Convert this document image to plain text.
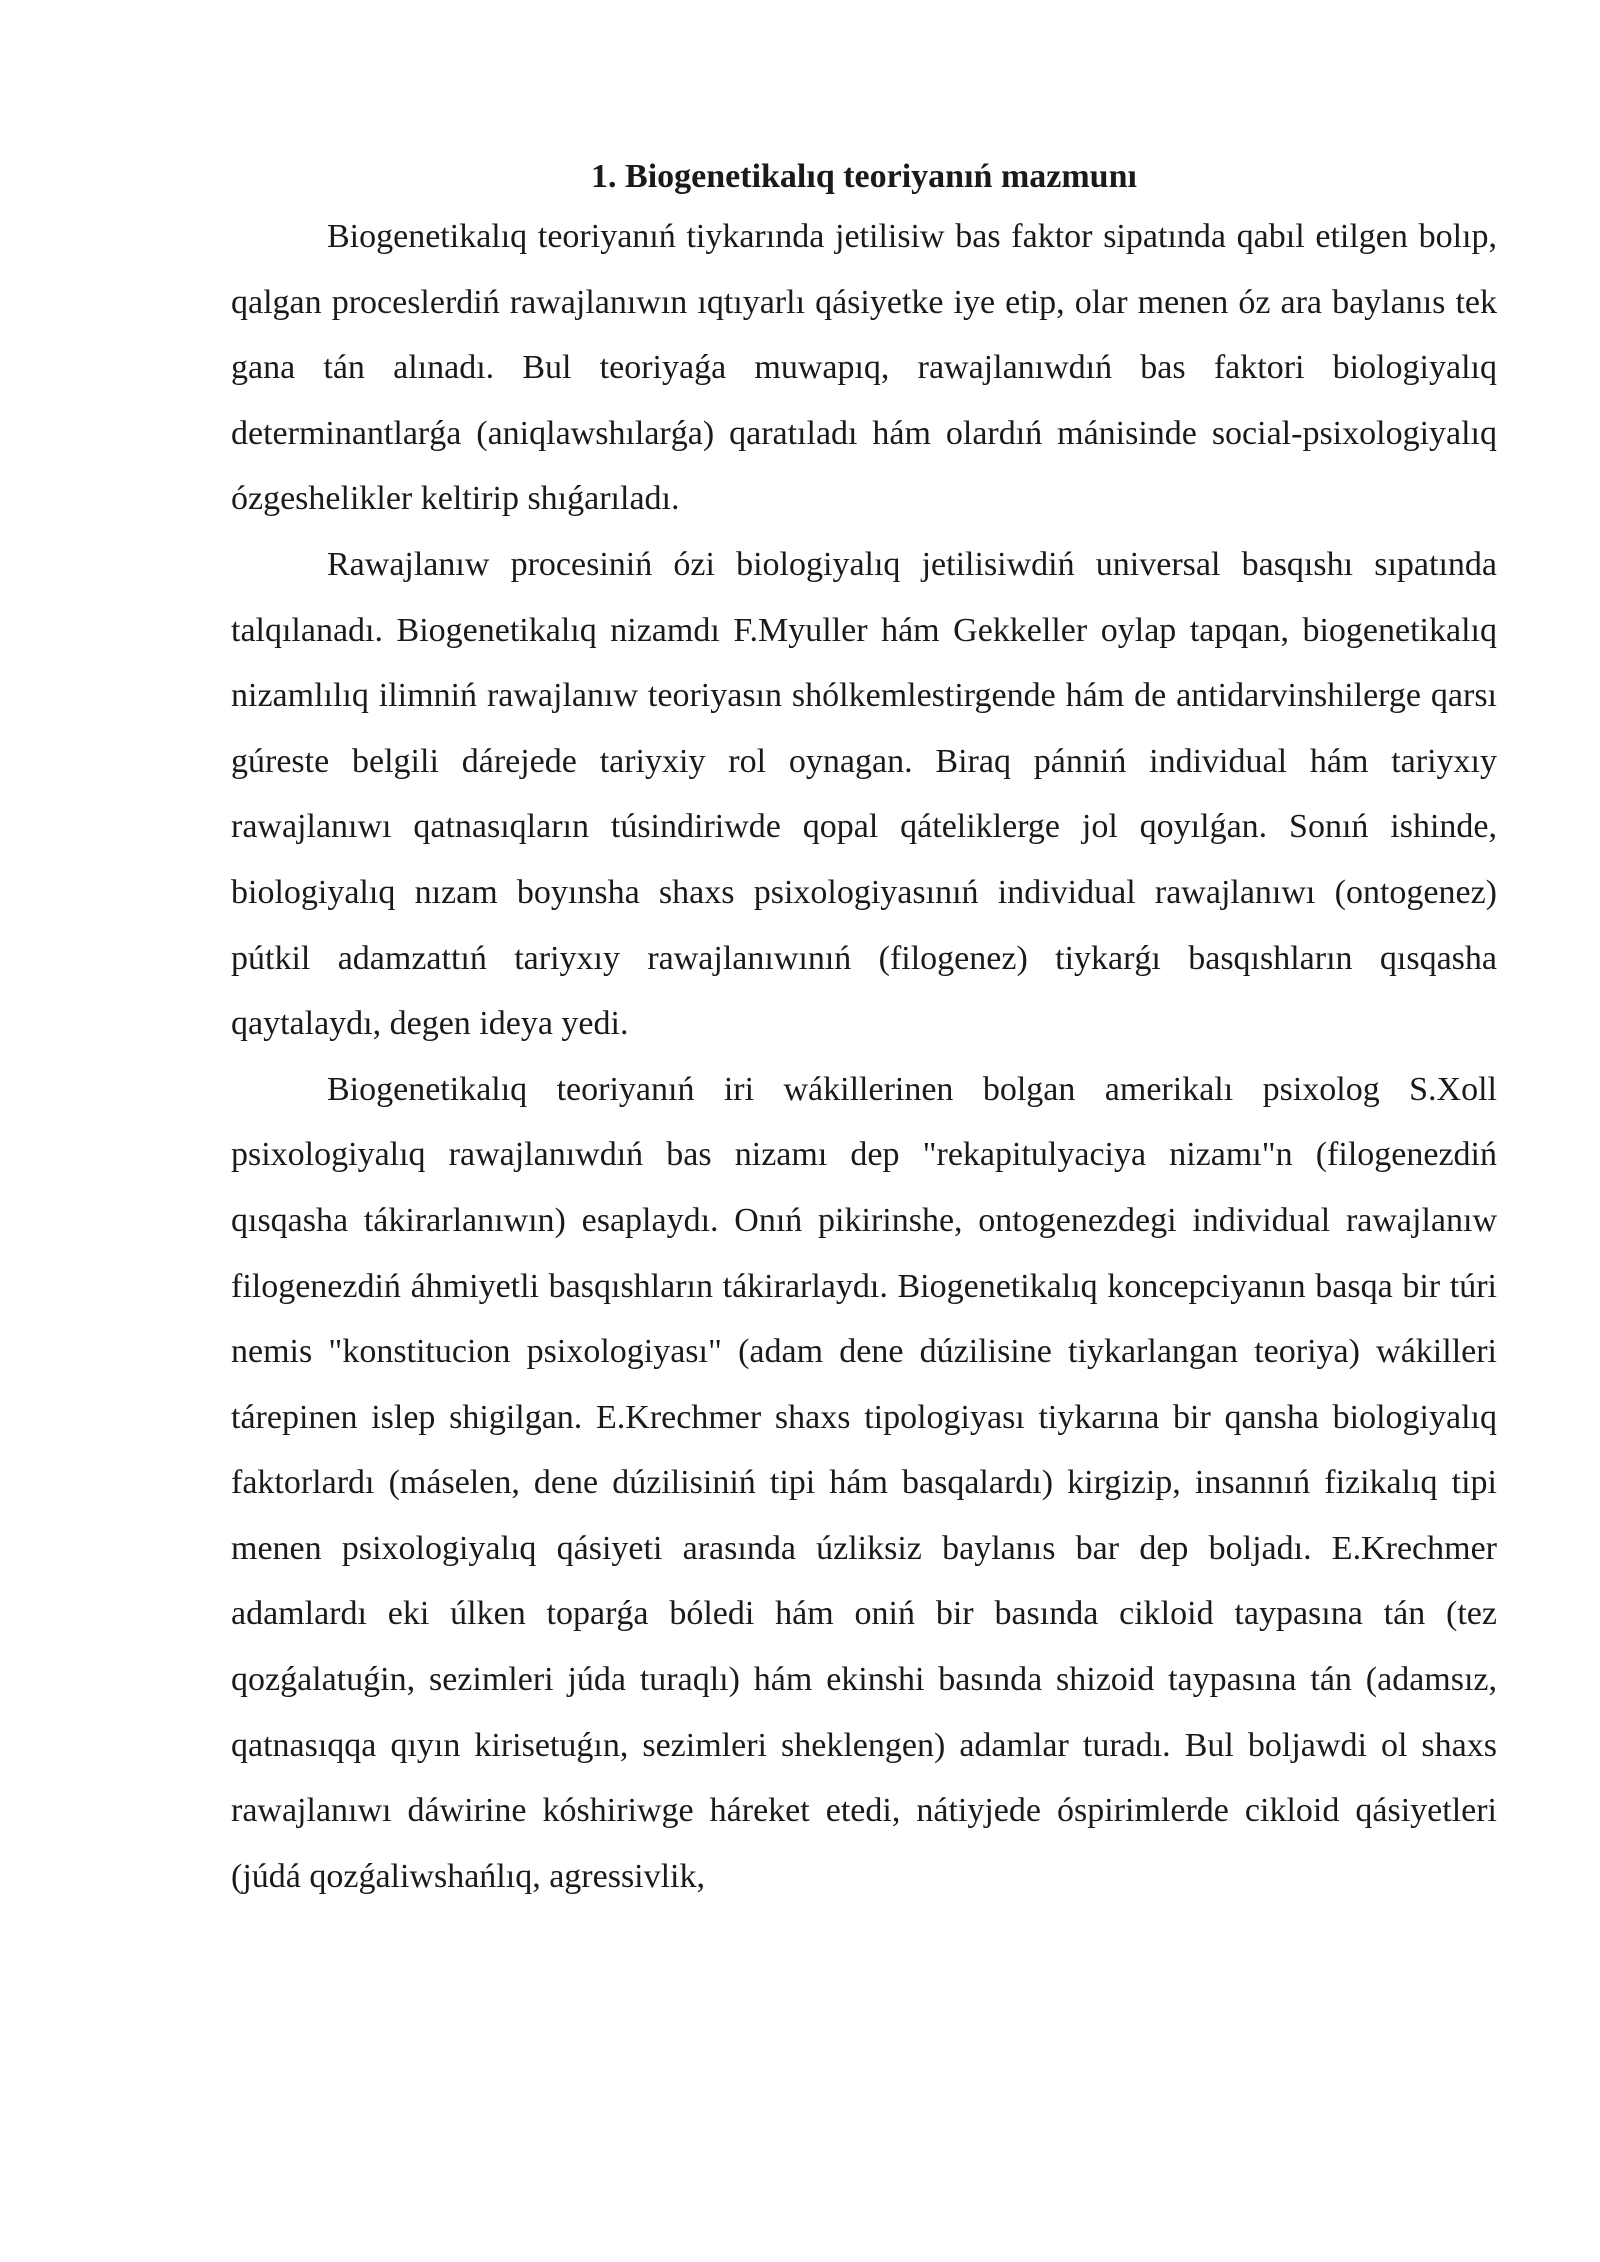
1. Biogenetikalıq teoriyanıń mazmunı

Biogenetikalıq teoriyanıń tiykarında jetilisiw bas faktor sipatında qabıl etilgen bolıp, qalgan proceslerdiń rawajlanıwın ıqtıyarlı qásiyetke iye etip, olar menen óz ara baylanıs tek gana tán alınadı. Bul teoriyaǵa muwapıq, rawajlanıwdıń bas faktori biologiyalıq determinantlarǵa (aniqlawshılarǵa) qaratıladı hám olardıń mánisinde social-psixologiyalıq ózgeshelikler keltirip shıǵarıladı.

Rawajlanıw procesiniń ózi biologiyalıq jetilisiwdiń universal basqıshı sıpatında talqılanadı. Biogenetikalıq nizamdı F.Myuller hám Gekkeller oylap tapqan, biogenetikalıq nizamlılıq ilimniń rawajlanıw teoriyasın shólkemlestirgende hám de antidarvinshilerge qarsı gúreste belgili dárejede tariyxiy rol oynagan. Biraq pánniń individual hám tariyxıy rawajlanıwı qatnasıqların túsindiriwde qopal qáteliklerge jol qoyılǵan. Sonıń ishinde, biologiyalıq nızam boyınsha shaxs psixologiyasınıń individual rawajlanıwı (ontogenez) pútkil adamzattıń tariyxıy rawajlanıwınıń (filogenez) tiykarǵı basqıshların qısqasha qaytalaydı, degen ideya yedi.

Biogenetikalıq teoriyanıń iri wákillerinen bolgan amerikalı psixolog S.Xoll psixologiyalıq rawajlanıwdıń bas nizamı dep "rekapitulyaciya nizamı"n (filogenezdiń qısqasha tákirarlanıwın) esaplaydı. Onıń pikirinshe, ontogenezdegi individual rawajlanıw filogenezdiń áhmiyetli basqıshların tákirarlaydı. Biogenetikalıq koncepciyanın basqa bir túri nemis "konstitucion psixologiyası" (adam dene dúzilisine tiykarlangan teoriya) wákilleri tárepinen islep shigilgan. E.Krechmer shaxs tipologiyası tiykarına bir qansha biologiyalıq faktorlardı (máselen, dene dúzilisiniń tipi hám basqalardı) kirgizip, insannıń fizikalıq tipi menen psixologiyalıq qásiyeti arasında úzliksiz baylanıs bar dep boljadı. E.Krechmer adamlardı eki úlken toparǵa bóledi hám oniń bir basında cikloid taypasına tán (tez qozǵalatuǵin, sezimleri júda turaqlı) hám ekinshi basında shizoid taypasına tán (adamsız, qatnasıqqa qıyın kirisetuǵın, sezimleri sheklengen) adamlar turadı. Bul boljawdi ol shaxs rawajlanıwı dáwirine kóshiriwge háreket etedi, nátiyjede óspirimlerde cikloid qásiyetleri (júdá qozǵaliwshańlıq, agressivlik,
